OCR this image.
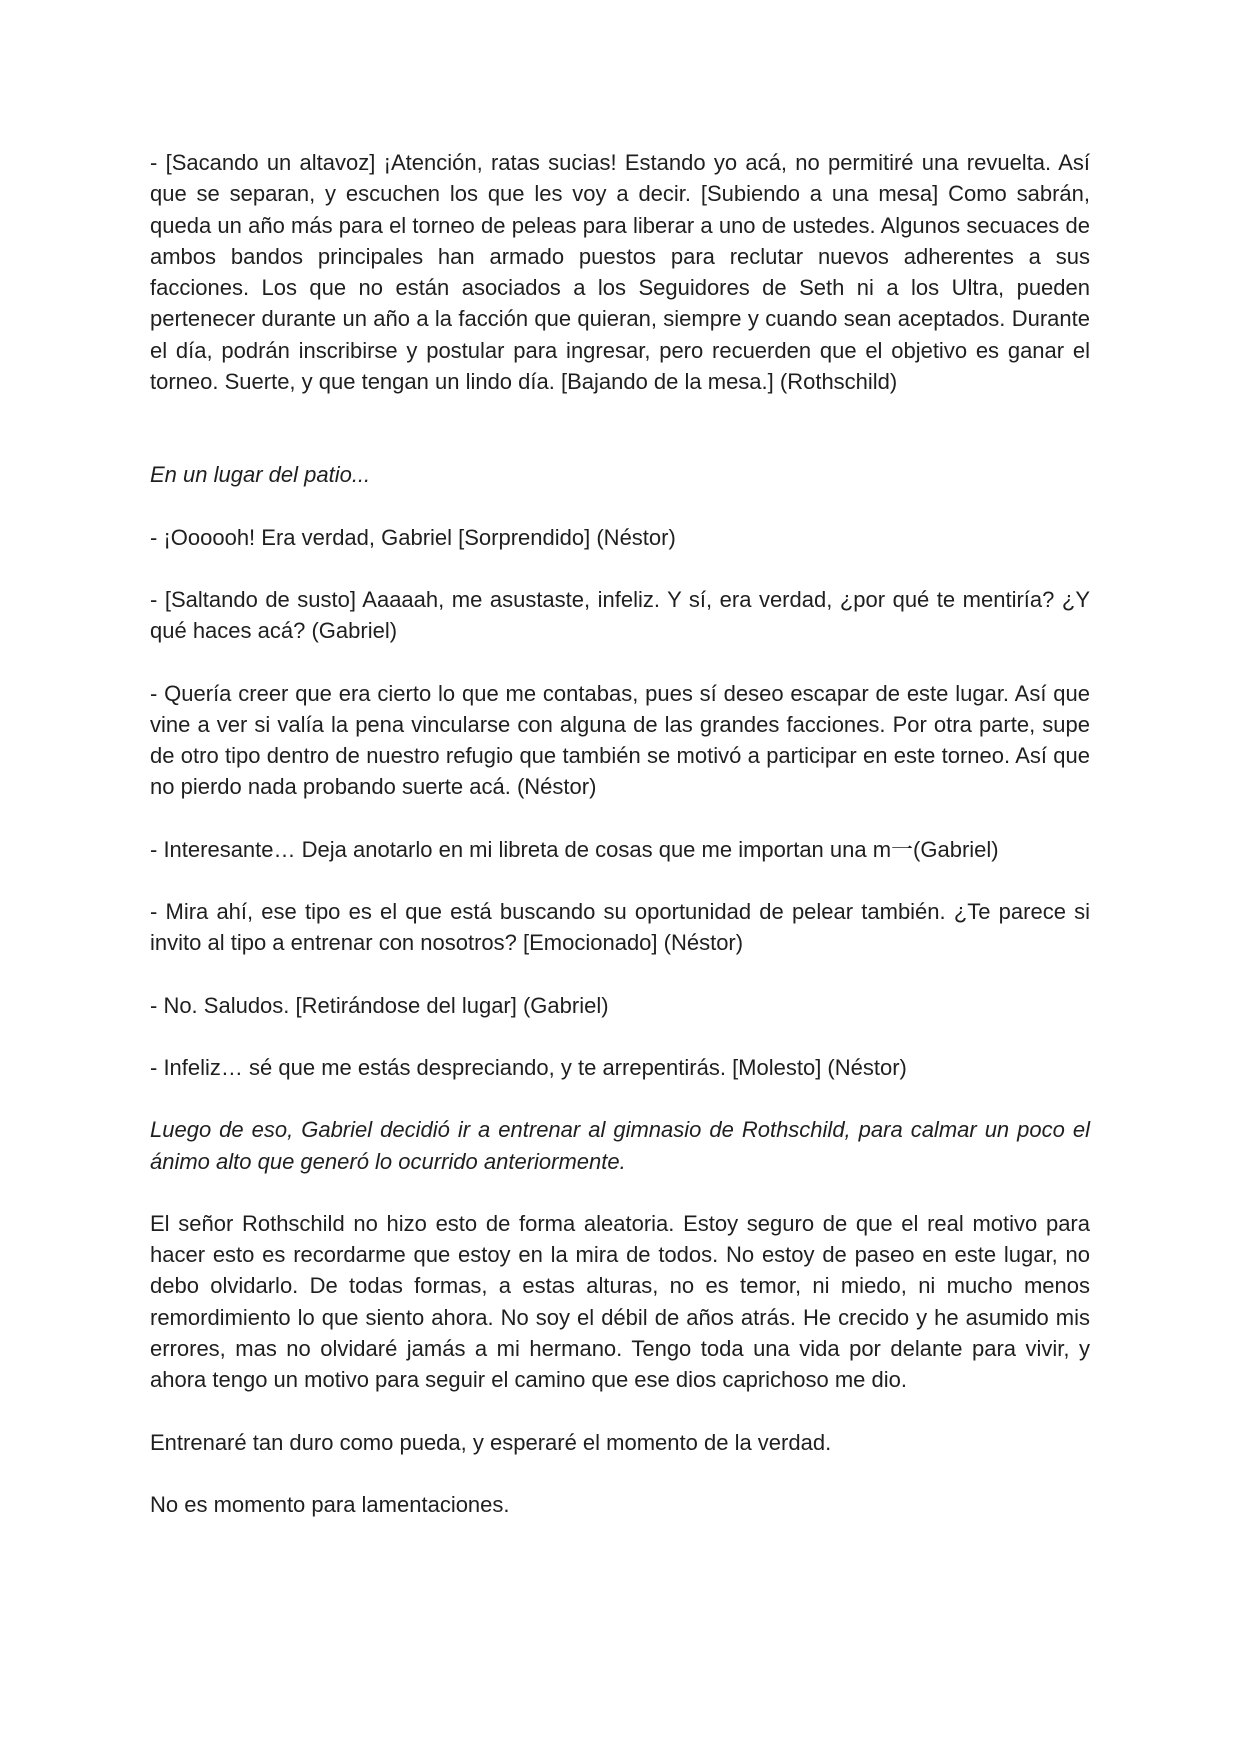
- [Sacando un altavoz] ¡Atención, ratas sucias! Estando yo acá, no permitiré una revuelta. Así que se separan, y escuchen los que les voy a decir. [Subiendo a una mesa] Como sabrán, queda un año más para el torneo de peleas para liberar a uno de ustedes. Algunos secuaces de ambos bandos principales han armado puestos para reclutar nuevos adherentes a sus facciones. Los que no están asociados a los Seguidores de Seth ni a los Ultra, pueden pertenecer durante un año a la facción que quieran, siempre y cuando sean aceptados. Durante el día, podrán inscribirse y postular para ingresar, pero recuerden que el objetivo es ganar el torneo. Suerte, y que tengan un lindo día. [Bajando de la mesa.] (Rothschild)

En un lugar del patio...

- ¡Oooooh! Era verdad, Gabriel [Sorprendido] (Néstor)

- [Saltando de susto] Aaaaah, me asustaste, infeliz. Y sí, era verdad, ¿por qué te mentiría? ¿Y qué haces acá? (Gabriel)

- Quería creer que era cierto lo que me contabas, pues sí deseo escapar de este lugar. Así que vine a ver si valía la pena vincularse con alguna de las grandes facciones. Por otra parte, supe de otro tipo dentro de nuestro refugio que también se motivó a participar en este torneo. Así que no pierdo nada probando suerte acá. (Néstor)

- Interesante… Deja anotarlo en mi libreta de cosas que me importan una m一(Gabriel)

- Mira ahí, ese tipo es el que está buscando su oportunidad de pelear también. ¿Te parece si invito al tipo a entrenar con nosotros? [Emocionado] (Néstor)

- No. Saludos. [Retirándose del lugar] (Gabriel)

- Infeliz… sé que me estás despreciando, y te arrepentirás. [Molesto] (Néstor)

Luego de eso, Gabriel decidió ir a entrenar al gimnasio de Rothschild, para calmar un poco el ánimo alto que generó lo ocurrido anteriormente.

El señor Rothschild no hizo esto de forma aleatoria. Estoy seguro de que el real motivo para hacer esto es recordarme que estoy en la mira de todos. No estoy de paseo en este lugar, no debo olvidarlo. De todas formas, a estas alturas, no es temor, ni miedo, ni mucho menos remordimiento lo que siento ahora. No soy el débil de años atrás. He crecido y he asumido mis errores, mas no olvidaré jamás a mi hermano. Tengo toda una vida por delante para vivir, y ahora tengo un motivo para seguir el camino que ese dios caprichoso me dio.

Entrenaré tan duro como pueda, y esperaré el momento de la verdad.

No es momento para lamentaciones.
